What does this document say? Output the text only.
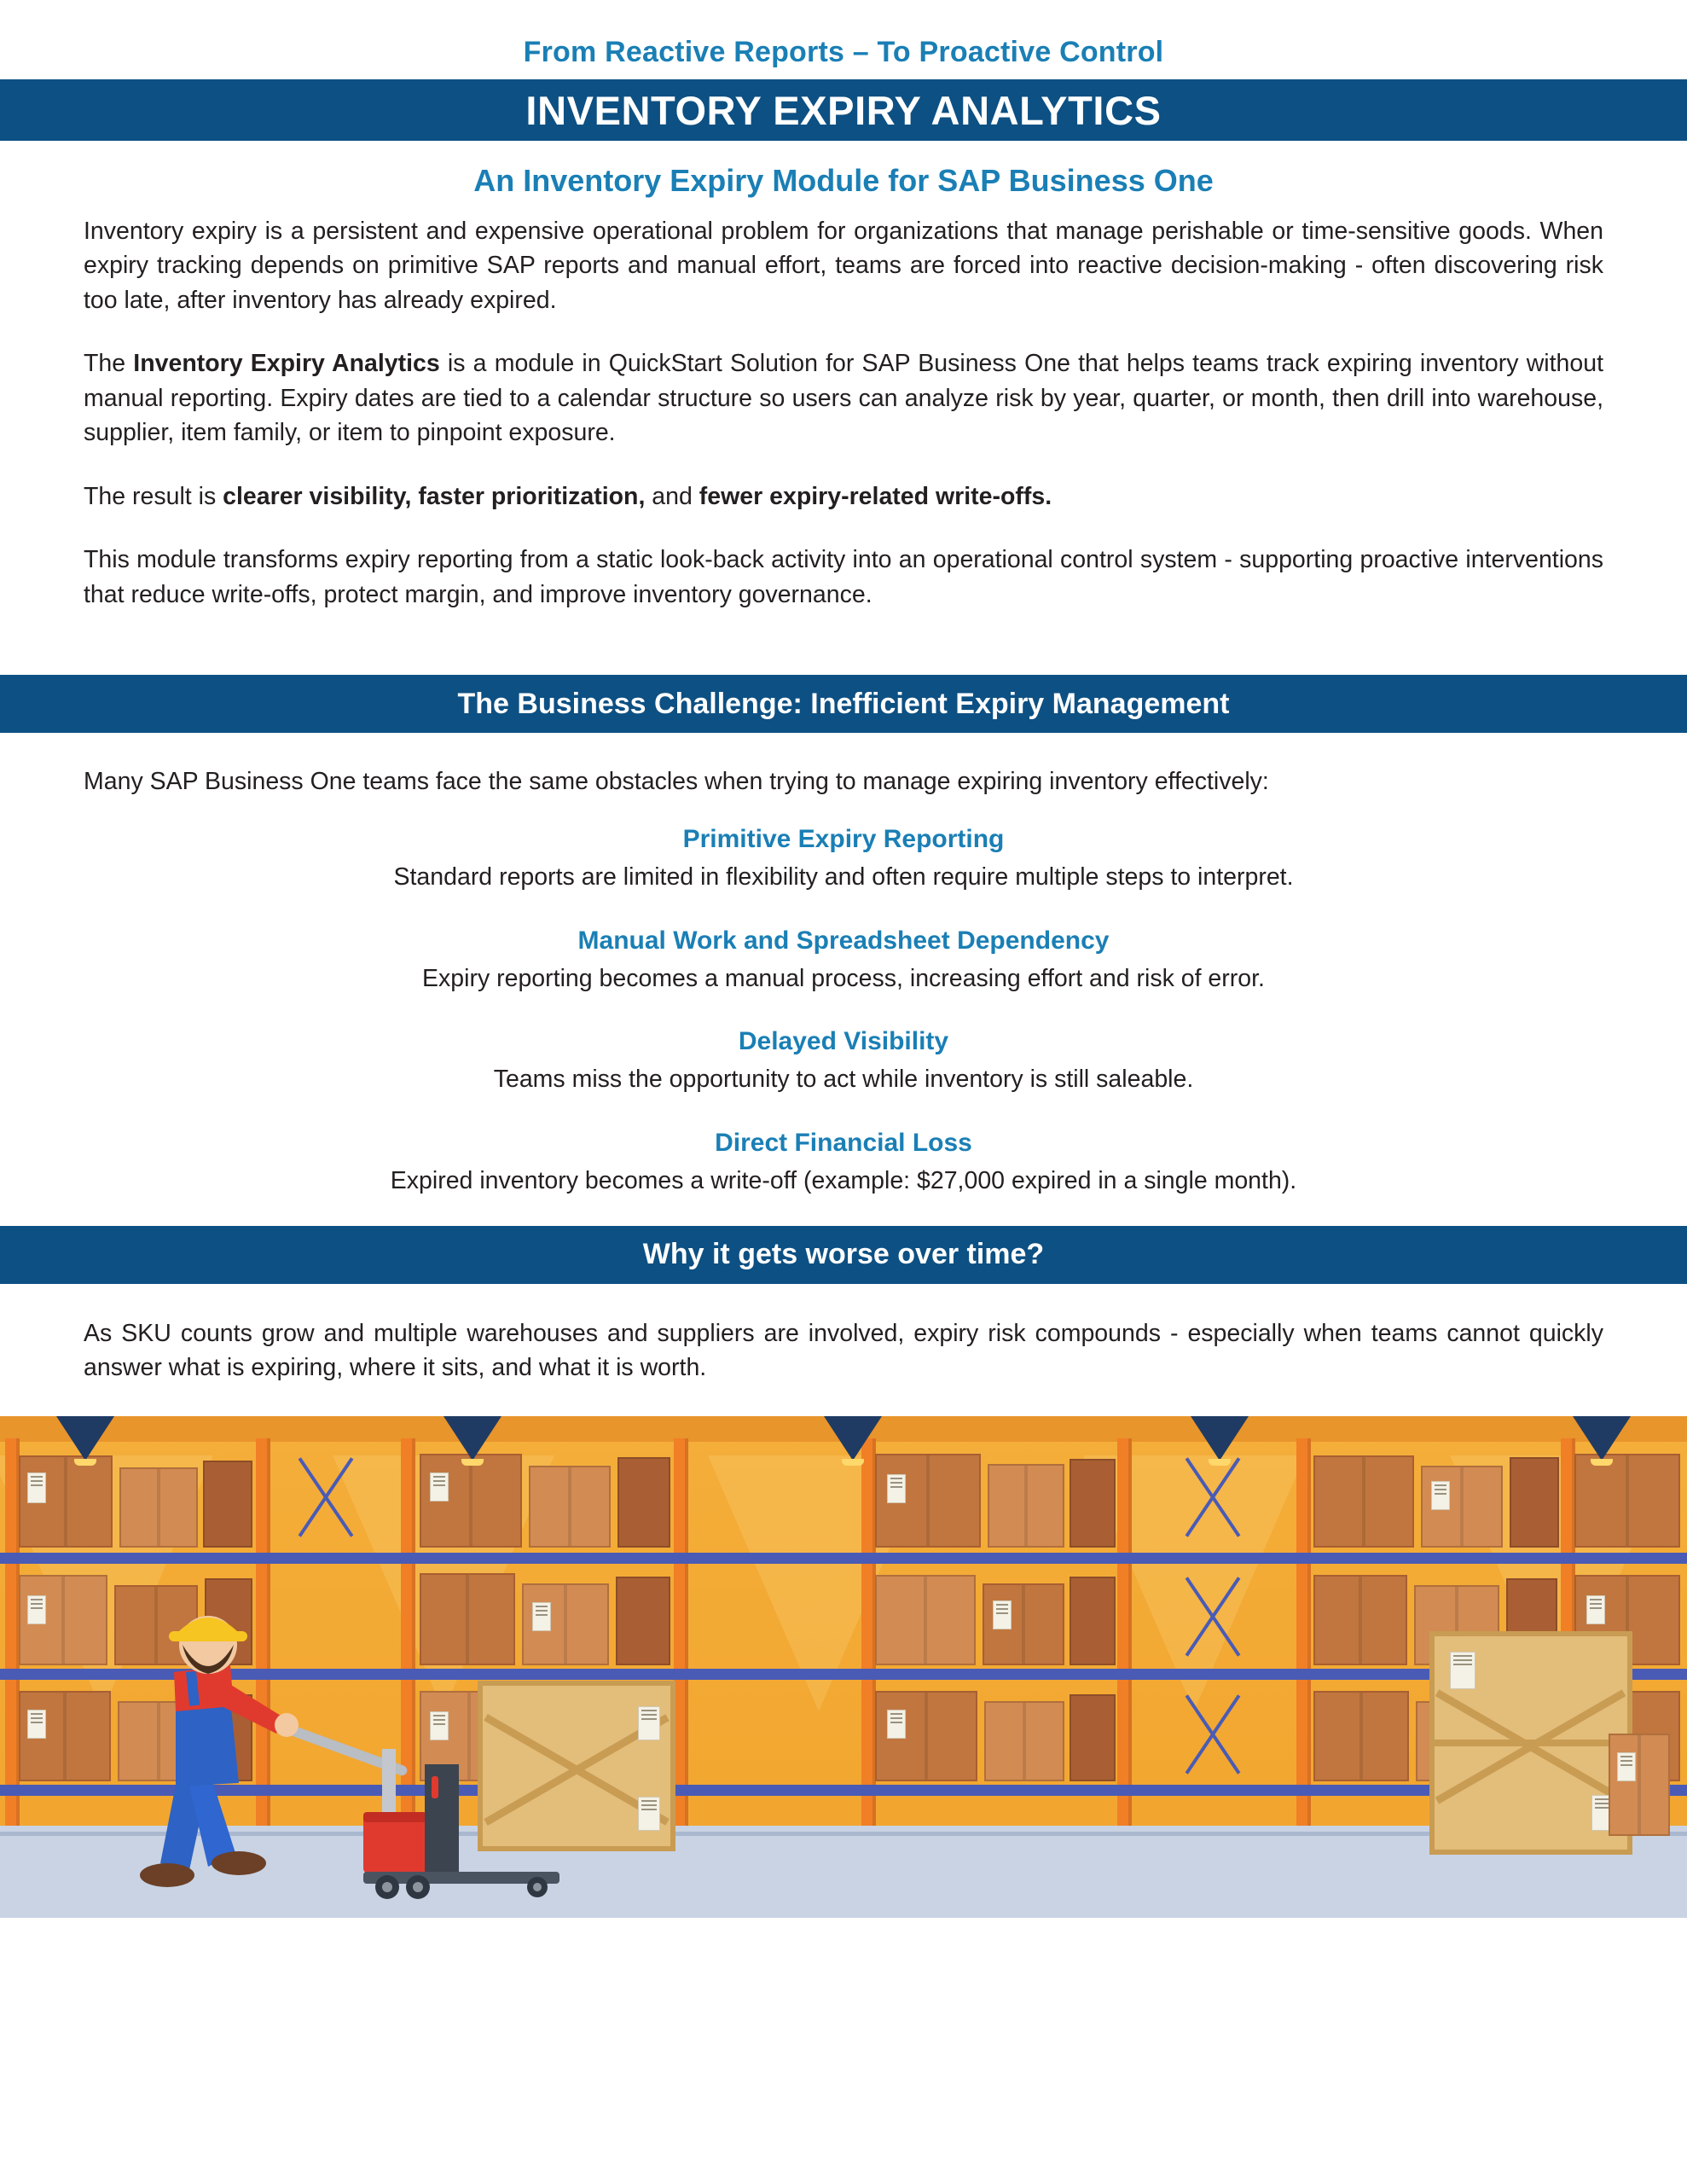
From Reactive Reports – To Proactive Control
INVENTORY EXPIRY ANALYTICS
An Inventory Expiry Module for SAP Business One

Inventory expiry is a persistent and expensive operational problem for organizations that manage perishable or time-sensitive goods. When expiry tracking depends on primitive SAP reports and manual effort, teams are forced into reactive decision-making - often discovering risk too late, after inventory has already expired.

The Inventory Expiry Analytics is a module in QuickStart Solution for SAP Business One that helps teams track expiring inventory without manual reporting. Expiry dates are tied to a calendar structure so users can analyze risk by year, quarter, or month, then drill into warehouse, supplier, item family, or item to pinpoint exposure.

The result is clearer visibility, faster prioritization, and fewer expiry-related write-offs.

This module transforms expiry reporting from a static look-back activity into an operational control system - supporting proactive interventions that reduce write-offs, protect margin, and improve inventory governance.

The Business Challenge: Inefficient Expiry Management
Many SAP Business One teams face the same obstacles when trying to manage expiring inventory effectively:
Primitive Expiry Reporting
Standard reports are limited in flexibility and often require multiple steps to interpret.
Manual Work and Spreadsheet Dependency
Expiry reporting becomes a manual process, increasing effort and risk of error.
Delayed Visibility
Teams miss the opportunity to act while inventory is still saleable.
Direct Financial Loss
Expired inventory becomes a write-off (example: $27,000 expired in a single month).
Why it gets worse over time?
As SKU counts grow and multiple warehouses and suppliers are involved, expiry risk compounds - especially when teams cannot quickly answer what is expiring, where it sits, and what it is worth.
